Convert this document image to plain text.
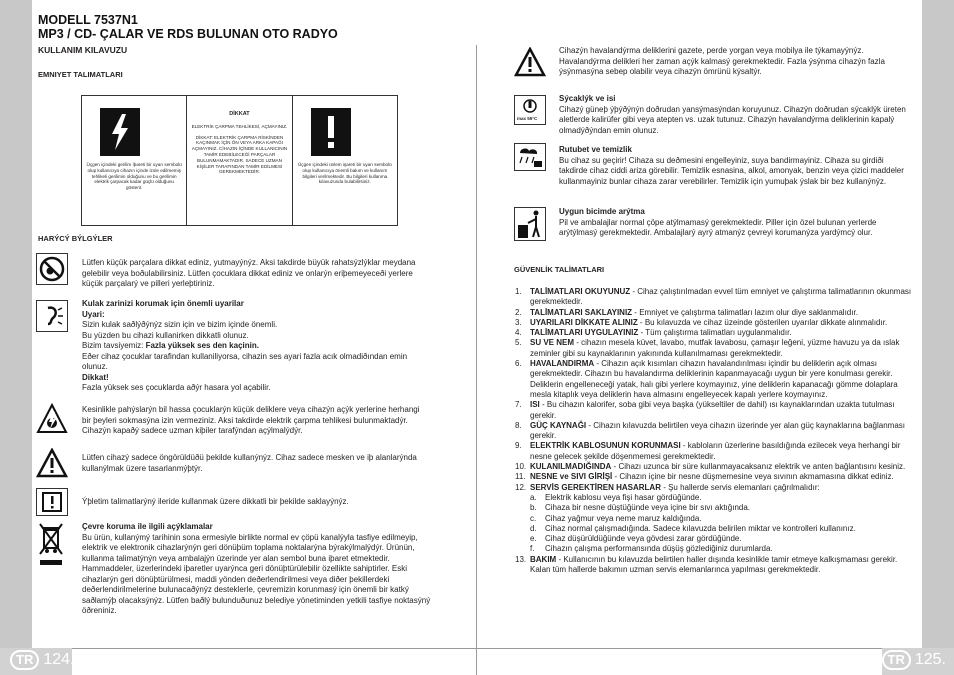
MODELL 7537N1
MP3 / CD- ÇALAR VE RDS BULUNAN OTO RADYO
KULLANIM KILAVUZU
EMNIYET TALIMATLARI
Üçgen içindeki gerilim íþareti bir uyarı sembolü olup kullanıcıya cihazın içinde izole edilmemiş tehlikeli gerilimin olduğunu ve bu gerilimin elektrik çarpacak kadar güçlü olduğunu gösterir.
DİKKAT
ELEKTRİK ÇARPMA TEHLİKESİ, AÇMAYINIZ.
DİKKAT: ELEKTRİK ÇARPMA RİSKİNDEN KAÇINMAK İÇİN ÖN VEYA ARKA KAPAĞI AÇMAYINIZ. CİHAZIN İÇİNDE KULLANICININ TAMİR EDEBİLECEĞİ PARÇALAR BULUNMAMAKTADIR. SADECE UZMAN KİŞİLER TARAFINDAN TAMİR EDİLMESİ GEREKMEKTEDİR.
Üçgen içindeki ünlem işareti bir uyarı sembolü olup kullanıcıya önemli bakım ve kullanım bilgileri verilmektedir. Bu bilgileri kullanma kılavuzunda bulabilirsiniz.
HARÝCÝ BÝLGÝLER
Lütfen küçük parçalara dikkat ediniz, yutmayýnýz. Aksi takdirde büyük rahatsýzlýklar meydana gelebilir veya boðulabilirsiniz. Lütfen çocuklara dikkat ediniz ve onlarýn eriþemeyeceði yerlere küçük parçalarý ve pilleri yerleþtiriniz.
Kulak zarinizi korumak için önemli uyarilar
Uyari:
Sizin kulak saðlýðýnýz sizin için ve bizim içinde önemli.
Bu yüzden bu cihazi kullanirken dikkatli olunuz.
Bizim tavsiyemiz: Fazla yüksek ses den kaçinin.
Eðer cihaz çocuklar tarafindan kullaniliyorsa, cihazin ses ayari fazla acık olmadiðından emin olunuz.
Dikkat!
Fazla yüksek ses çocuklarda aðýr hasara yol açabilir.
Kesinlikle pahýslarýn bil hassa çocuklarýn küçük deliklere veya cihazýn açýk yerlerine herhangi bir þeyleri sokmasýna izin vermeziniz. Aksi takdirde elektrik çarpma tehlikesi bulunmaktadýr. Cihazýn kapaðý sadece uzman kiþiler tarafýndan açýlmalýdýr.
Lütfen cihazý sadece öngörüldüðü þekilde kullanýnýz. Cihaz sadece mesken ve iþ alanlarýnda kullanýlmak üzere tasarlanmýþtýr.
Ýþletim talimatlarýný ileride kullanmak üzere dikkatli bir þekilde saklayýnýz.
Çevre koruma ile ilgili açýklamalar
Bu ürün, kullanýmý tarihinin sona ermesiyle birlikte normal ev çöpü kanalýyla tasfiye edilmeyip, elektrik ve elektronik cihazlarýnýn geri dönüþüm toplama noktalarýna býrakýlmalýdýr. Ürünün, kullanma talimatýnýn veya ambalajýn üzerinde yer alan sembol buna iþaret etmektedir. Hammaddeler, üzerlerindeki iþaretler uyarýnca geri dönüþtürülebilir özellikte sahiptirler. Eski cihazlarýn geri dönüþtürülmesi, maddi yönden deðerlendirilmesi veya diðer þekillerdeki deðerlendirilmelerine bulunacaðýnýz desteklerle, çevremizin korunmasý için önemli bir katký saðlamýþ olacaksýnýz. Lütfen baðlý bulunduðunuz belediye yönetiminden yetkili tasfiye noktasýný öðreniniz.
Cihazýn havalandýrma deliklerini gazete, perde yorgan veya mobilya ile týkamayýnýz. Havalandýrma delikleri her zaman açýk kalmasý gerekmektedir. Fazla ýsýnma cihazýn fazla ýsýnmasýna sebep olabilir veya cihazýn ömrünü kýsaltýr.
max 55°C
Sýcaklýk ve isi
Cihazý güneþ ýþýðýnýn doðrudan yansýmasýndan koruyunuz. Cihazýn doðrudan sýcaklýk üreten aletlerde kalirüfer gibi veya atepten vs. uzak tutunuz. Cihazýn havalandýrma deliklerinin kapalý olmadýðýndan emin olunuz.
Rutubet ve temizlik
Bu cihaz su geçirir! Cihaza su deðmesini engelleyiniz, suya bandirmayiniz. Cihaza su girdiði takdirde cihaz ciddi ariza görebilir. Temizlik esnasina, alkol, amonyak, benzin veya çizici maddeler kullanmayiniz bunlar cihaza zarar verebilirler. Temizlik için yumuþak ýslak bir bez kullanýnýz.
Uygun bicimde arýtma
Pil ve ambalajlar normal çöpe atýlmamasý gerekmektedir. Piller için özel bulunan yerlerde arýtýlmasý gerekmektedir. Ambalajlarý ayrý atmanýz çevreyi korumanýza yardýmcý olur.
GÜVENLİK TALİMATLARI
1. TALİMATLARI OKUYUNUZ - Cihaz çalıştırılmadan evvel tüm emniyet ve çalıştırma talimatlarının okunması gerekmektedir.
2. TALİMATLARI SAKLAYINIZ - Emniyet ve çalıştırma talimatları lazım olur diye saklanmalıdır.
3. UYARILARI DİKKATE ALINIZ - Bu kılavuzda ve cihaz üzeinde gösterilen uyarılar dikkate alınmalıdır.
4. TALİMATLARI UYGULAYINIZ - Tüm çalıştırma talimatları uygulanmalıdır.
5. SU VE NEM - cihazın mesela küvet, lavabo, mutfak lavabosu, çamaşır leğeni, yüzme havuzu ya da ıslak zeminler gibi su kaynaklarının yakınında kullanılmaması gerekmektedir.
6. HAVALANDIRMA - Cihazın açık kısımları cihazın havalandırılması içindir bu deliklerin açık olması gerekmektedir. Cihazın bu havalandırma deliklerinin kapanmayacağı uygun bir yere konulması gerekir. Deliklerin engelleneceği yatak, halı gibi yerlere koymayınız, yine deliklerin kapanacağı gömme dolaplara mesla kitaplık veya deliklerin hava almasını engelleyecek kapalı yerlere koymayınız.
7. ISI - Bu cihazın kalorifer, soba gibi veya başka (yükseltiler de dahil) ısı kaynaklarından uzakta tutulması gerekir.
8. GÜÇ KAYNAĞI - Cihazın kılavuzda belirtilen veya cihazın üzerinde yer alan güç kaynaklarına bağlanması gerekir.
9. ELEKTRİK KABLOSUNUN KORUNMASI - kabloların üzerlerine basıldığında ezilecek veya herhangi bir nesne gelecek şekilde döşenmemesi gerekmektedir.
10. KULANILMADIĞINDA - Cihazı uzunca bir süre kullanmayacaksanız elektrik ve anten bağlantısını kesiniz.
11. NESNE ve SIVI GİRİŞİ - Cihazın içine bir nesne düşmemesine veya sıvının akmamasına dikkat ediniz.
12. SERVİS GEREKTİREN HASARLAR - Şu hallerde servis elemanları çağrılmalıdır:
a. Elektrik kablosu veya fişi hasar gördüğünde.
b. Cihaza bir nesne düştüğünde veya içine bir sıvı aktığında.
c. Cihaz yağmur veya neme maruz kaldığında.
d. Cihaz normal çalışmadığında. Sadece kılavuzda belirilen miktar ve kontrolleri kullanınız.
e. Cihaz düşürüldüğünde veya gövdesi zarar gördüğünde.
f. Cihazın çalışma performansında düşüş gözlediğiniz durumlarda.
13. BAKIM - Kullanıcının bu kılavuzda belirtilen haller dışında kesinlikle tamir etmeye kalkışmaması gerekir. Kalan tüm hallerde bakımın uzman servis elemanlarınca yapılması gerekmektedir.
TR 124.	TR 125.
